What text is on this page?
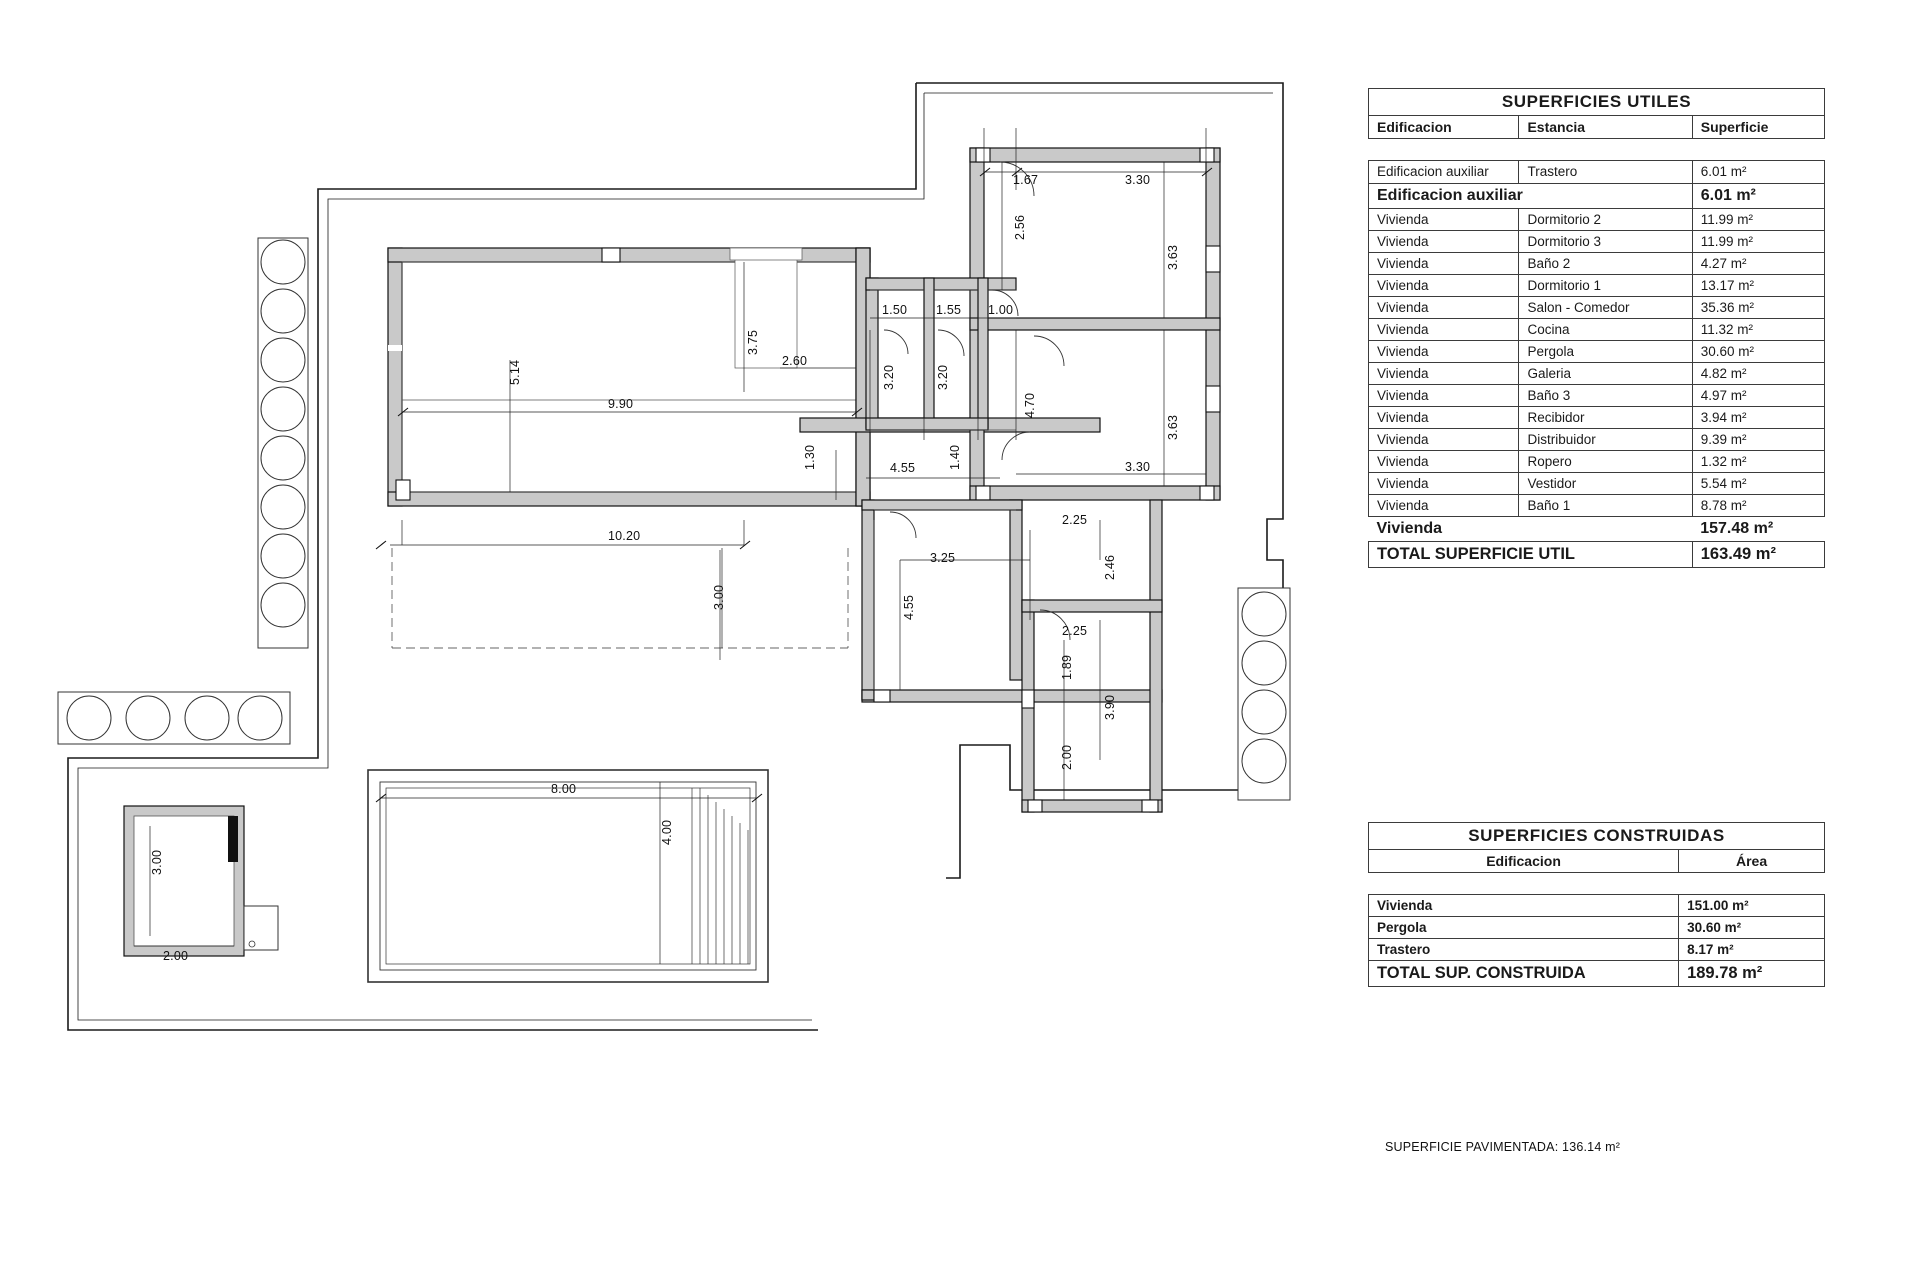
1.67	3.30
2.56
3.63
3.63
3.30
1.50 1.55 1.00
3.20	3.20
4.70
3.75
2.60
5.14
9.90
10.20
3.00
1.30	4.55	1.40
2.25
2.46
3.25
4.55
2.25
1.89
3.90
2.00
8.00
4.00
3.00
2.00
SUPERFICIES UTILES		
Edificacion	Estancia	Superficie

Edificacion auxiliar	Trastero	6.01 m²
Edificacion auxiliar		6.01 m²
Vivienda	Dormitorio 2	11.99 m²
Vivienda	Dormitorio 3	11.99 m²
Vivienda	Baño 2	4.27 m²
Vivienda	Dormitorio 1	13.17 m²
Vivienda	Salon - Comedor	35.36 m²
Vivienda	Cocina	11.32 m²
Vivienda	Pergola	30.60 m²
Vivienda	Galeria	4.82 m²
Vivienda	Baño 3	4.97 m²
Vivienda	Recibidor	3.94 m²
Vivienda	Distribuidor	9.39 m²
Vivienda	Ropero	1.32 m²
Vivienda	Vestidor	5.54 m²
Vivienda	Baño 1	8.78 m²
Vivienda		157.48 m²
TOTAL SUPERFICIE UTIL		163.49 m²
SUPERFICIES CONSTRUIDAS	
Edificacion	Área

Vivienda	151.00 m²
Pergola	30.60 m²
Trastero	8.17 m²
TOTAL SUP. CONSTRUIDA	189.78 m²
SUPERFICIE PAVIMENTADA: 136.14 m²
